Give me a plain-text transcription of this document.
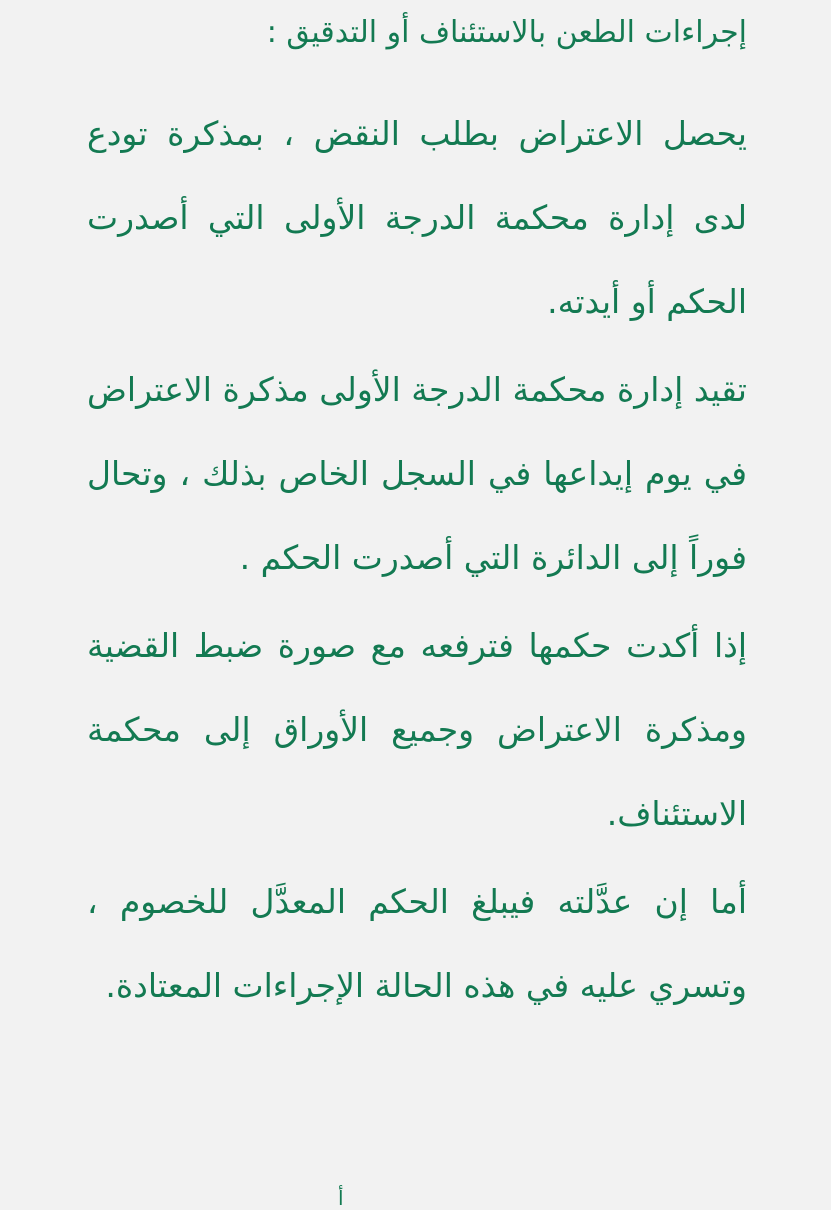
إجراءات الطعن بالاستئناف أو التدقيق :

يحصل الاعتراض بطلب النقض ، بمذكرة تودع لدى إدارة محكمة الدرجة الأولى التي أصدرت الحكم أو أيدته.

تقيد إدارة محكمة الدرجة الأولى مذكرة الاعتراض في يوم إيداعها في السجل الخاص بذلك ، وتحال فوراً إلى الدائرة التي أصدرت الحكم .

إذا أكدت حكمها فترفعه مع صورة ضبط القضية ومذكرة الاعتراض وجميع الأوراق إلى محكمة الاستئناف.

أما إن عدَّلته فيبلغ الحكم المعدَّل للخصوم ، وتسري عليه في هذه الحالة الإجراءات المعتادة.

أ
